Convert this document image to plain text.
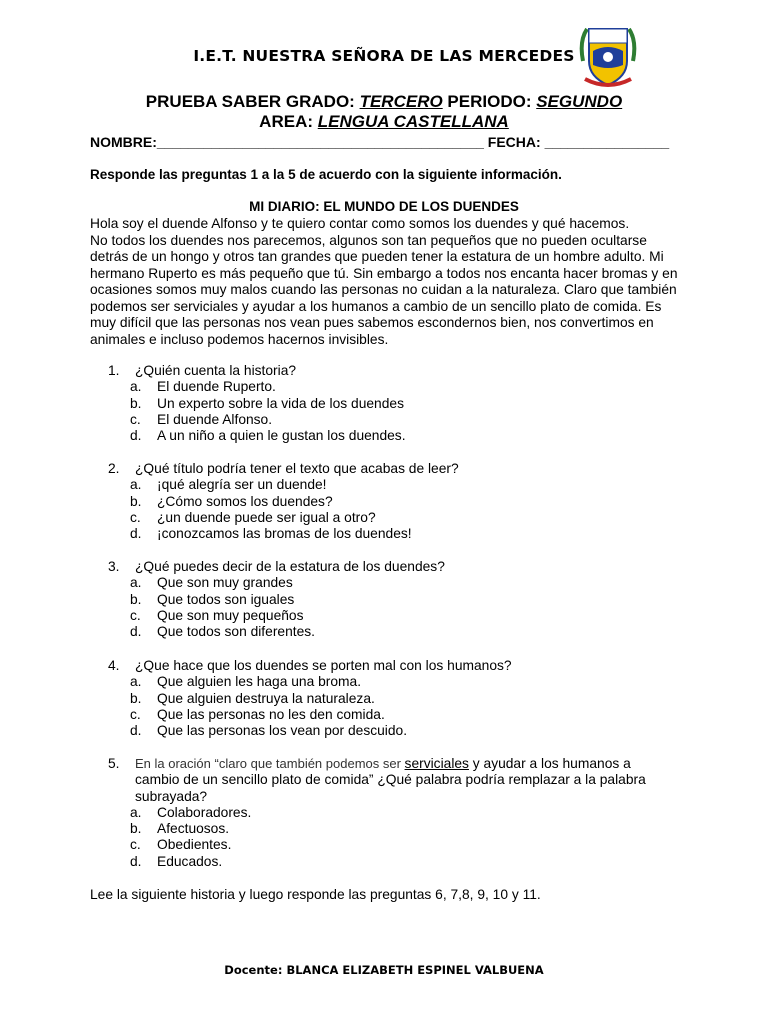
I.E.T. NUESTRA SEÑORA DE LAS MERCEDES
PRUEBA SABER GRADO: TERCERO PERIODO: SEGUNDO
AREA: LENGUA CASTELLANA
NOMBRE:__________________________________________ FECHA: ________________
Responde las preguntas 1 a la 5 de acuerdo con la siguiente información.
MI DIARIO: EL MUNDO DE LOS DUENDES

Hola soy el duende Alfonso y te quiero contar como somos los duendes y qué hacemos.

No todos los duendes nos parecemos, algunos son tan pequeños que no pueden ocultarse detrás de un hongo y otros tan grandes que pueden tener la estatura de un hombre adulto. Mi hermano Ruperto es más pequeño que tú. Sin embargo a todos nos encanta hacer bromas y en ocasiones somos muy malos cuando las personas no cuidan a la naturaleza. Claro que también podemos ser serviciales y ayudar a los humanos a cambio de un sencillo plato de comida. Es muy difícil que las personas nos vean pues sabemos escondernos bien, nos convertimos en animales e incluso podemos hacernos invisibles.

1.	¿Quién cuenta la historia?
a.	El duende Ruperto.
b.	Un experto sobre la vida de los duendes
c.	El duende Alfonso.
d.	A un niño a quien le gustan los duendes.
2.	¿Qué título podría tener el texto que acabas de leer?
a.	¡qué alegría ser un duende!
b.	¿Cómo somos los duendes?
c.	¿un duende puede ser igual a otro?
d.	¡conozcamos las bromas de los duendes!
3.	¿Qué puedes decir de la estatura de los duendes?
a.	Que son muy grandes
b.	Que todos son iguales
c.	Que son muy pequeños
d.	Que todos son diferentes.
4.	¿Que hace que los duendes se porten mal con los humanos?
a.	Que alguien les haga una broma.
b.	Que alguien destruya la naturaleza.
c.	Que las personas no les den comida.
d.	Que las personas los vean por descuido.
5.	En la oración “claro que también podemos ser serviciales y ayudar a los humanos a cambio de un sencillo plato de comida” ¿Qué palabra podría remplazar a la palabra subrayada?
a.	Colaboradores.
b.	Afectuosos.
c.	Obedientes.
d.	Educados.
Lee la siguiente historia y luego responde las preguntas 6, 7,8, 9, 10 y 11.
Docente: BLANCA ELIZABETH ESPINEL VALBUENA
